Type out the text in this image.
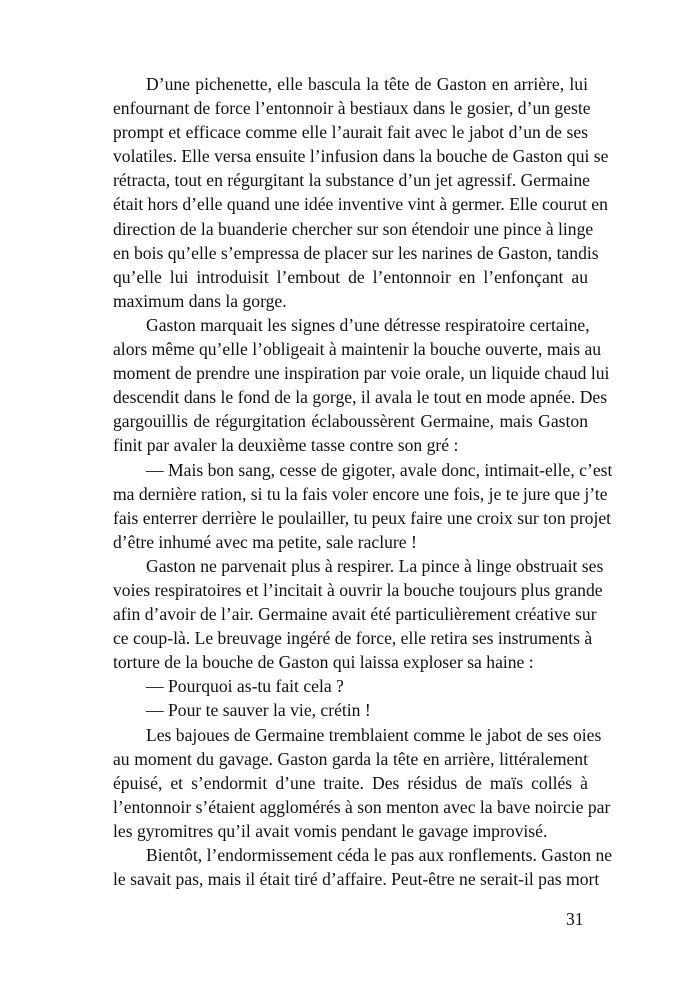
D’une pichenette, elle bascula la tête de Gaston en arrière, lui
enfournant de force l’entonnoir à bestiaux dans le gosier, d’un geste
prompt et efficace comme elle l’aurait fait avec le jabot d’un de ses
volatiles. Elle versa ensuite l’infusion dans la bouche de Gaston qui se
rétracta, tout en régurgitant la substance d’un jet agressif. Germaine
était hors d’elle quand une idée inventive vint à germer. Elle courut en
direction de la buanderie chercher sur son étendoir une pince à linge
en bois qu’elle s’empressa de placer sur les narines de Gaston, tandis
qu’elle lui introduisit l’embout de l’entonnoir en l’enfonçant au
maximum dans la gorge.
Gaston marquait les signes d’une détresse respiratoire certaine,
alors même qu’elle l’obligeait à maintenir la bouche ouverte, mais au
moment de prendre une inspiration par voie orale, un liquide chaud lui
descendit dans le fond de la gorge, il avala le tout en mode apnée. Des
gargouillis de régurgitation éclaboussèrent Germaine, mais Gaston
finit par avaler la deuxième tasse contre son gré :
— Mais bon sang, cesse de gigoter, avale donc, intimait-elle, c’est
ma dernière ration, si tu la fais voler encore une fois, je te jure que j’te
fais enterrer derrière le poulailler, tu peux faire une croix sur ton projet
d’être inhumé avec ma petite, sale raclure !
Gaston ne parvenait plus à respirer. La pince à linge obstruait ses
voies respiratoires et l’incitait à ouvrir la bouche toujours plus grande
afin d’avoir de l’air. Germaine avait été particulièrement créative sur
ce coup-là. Le breuvage ingéré de force, elle retira ses instruments à
torture de la bouche de Gaston qui laissa exploser sa haine :
— Pourquoi as-tu fait cela ?
— Pour te sauver la vie, crétin !
Les bajoues de Germaine tremblaient comme le jabot de ses oies
au moment du gavage. Gaston garda la tête en arrière, littéralement
épuisé, et s’endormit d’une traite. Des résidus de maïs collés à
l’entonnoir s’étaient agglomérés à son menton avec la bave noircie par
les gyromitres qu’il avait vomis pendant le gavage improvisé.
Bientôt, l’endormissement céda le pas aux ronflements. Gaston ne
le savait pas, mais il était tiré d’affaire. Peut-être ne serait-il pas mort
31
